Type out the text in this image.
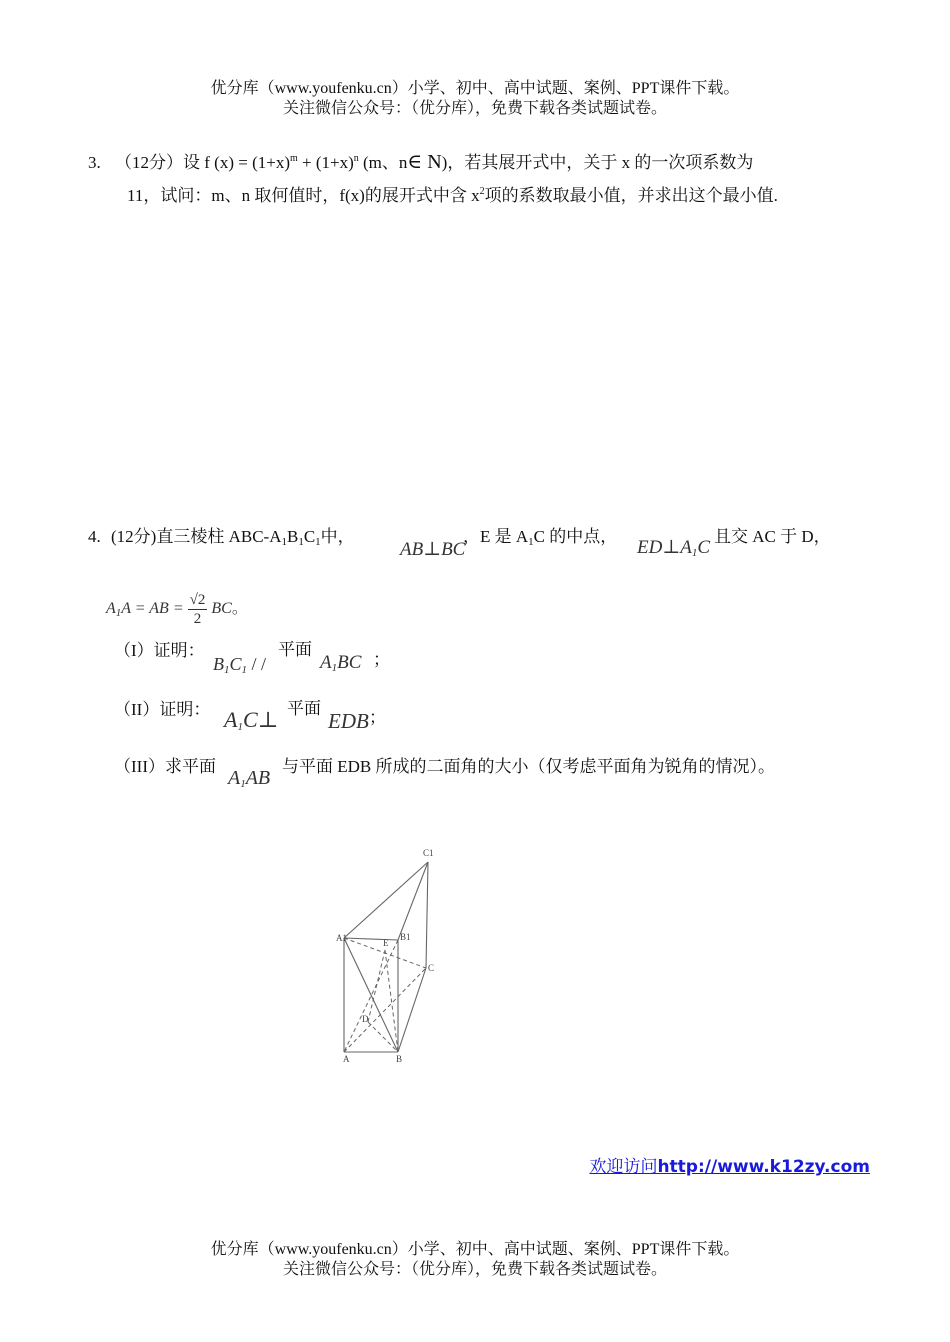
优分库（www.youfenku.cn）小学、初中、高中试题、案例、PPT课件下载。
关注微信公众号：（优分库），免费下载各类试题试卷。
3. （12分）设 f $(x) = (1+x)^m + (1+x)^n$ (m、n∈ N)，若其展开式中，关于 x 的一次项系数为
11，试问：m、n 取何值时，f(x)的展开式中含 $x^2$项的系数取最小值，并求出这个最小值.
4. (12分)直三棱柱 ABC-$A_1B_1C_1$中，
AB⊥BC
，E 是 $A_1C$ 的中点，
$ED\perp A_1C$
且交 AC 于 D，
$A_1A$ = AB = $\frac{√2}{2}$ BC。
（I）证明：
$B_1C_1$ / /
平面
$A_1BC$ ；
（II）证明： $A_1C\perp$ 平面
EDB ；
（III）求平面
$A_1AB$
与平面 EDB 所成的二面角的大小（仅考虑平面角为锐角的情况）。
C1
A1	B1
E
C
D
A	B
欢迎访问http://www.k12zy.com
优分库（www.youfenku.cn）小学、初中、高中试题、案例、PPT课件下载。
关注微信公众号：（优分库），免费下载各类试题试卷。
